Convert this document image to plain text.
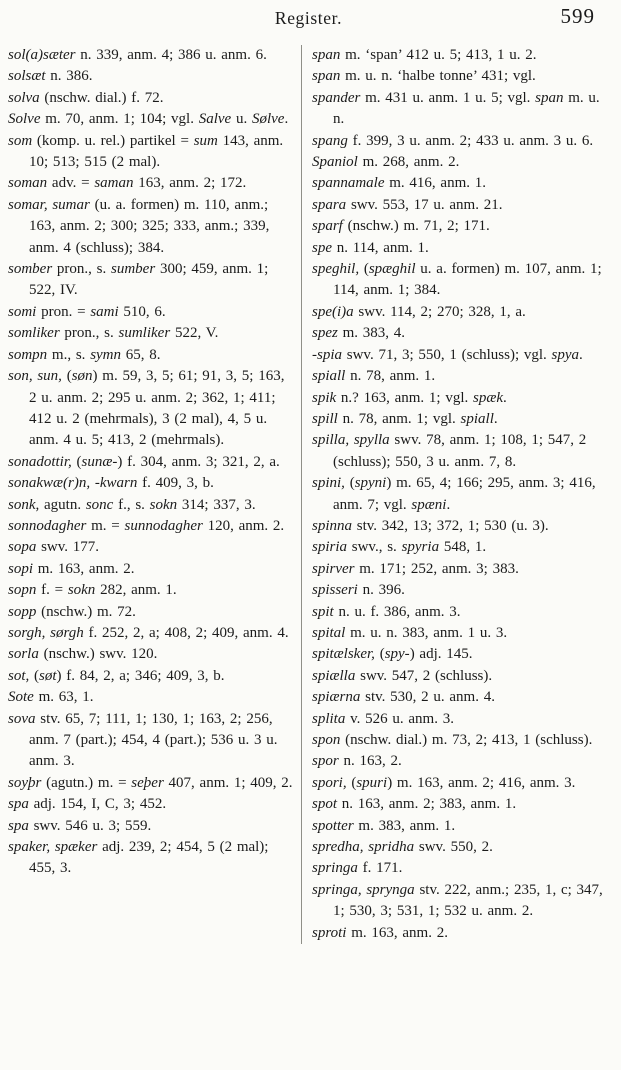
Register.	599
sol(a)sæter n. 339, anm. 4; 386 u. anm. 6.
solsæt n. 386.
solva (nschw. dial.) f. 72.
Solve m. 70, anm. 1; 104; vgl. Salve u. Sølve.
som (komp. u. rel.) partikel = sum 143, anm. 10; 513; 515 (2 mal).
soman adv. = saman 163, anm. 2; 172.
somar, sumar (u. a. formen) m. 110, anm.; 163, anm. 2; 300; 325; 333, anm.; 339, anm. 4 (schluss); 384.
somber pron., s. sumber 300; 459, anm. 1; 522, IV.
somi pron. = sami 510, 6.
somliker pron., s. sumliker 522, V.
sompn m., s. symn 65, 8.
son, sun, (søn) m. 59, 3, 5; 61; 91, 3, 5; 163, 2 u. anm. 2; 295 u. anm. 2; 362, 1; 411; 412 u. 2 (mehrmals), 3 (2 mal), 4, 5 u. anm. 4 u. 5; 413, 2 (mehrmals).
sonadottir, (sunæ-) f. 304, anm. 3; 321, 2, a.
sonakwæ(r)n, -kwarn f. 409, 3, b.
sonk, agutn. sonc f., s. sokn 314; 337, 3.
sonnodagher m. = sunnodagher 120, anm. 2.
sopa swv. 177.
sopi m. 163, anm. 2.
sopn f. = sokn 282, anm. 1.
sopp (nschw.) m. 72.
sorgh, sørgh f. 252, 2, a; 408, 2; 409, anm. 4.
sorla (nschw.) swv. 120.
sot, (søt) f. 84, 2, a; 346; 409, 3, b.
Sote m. 63, 1.
sova stv. 65, 7; 111, 1; 130, 1; 163, 2; 256, anm. 7 (part.); 454, 4 (part.); 536 u. 3 u. anm. 3.
soyþr (agutn.) m. = seþer 407, anm. 1; 409, 2.
spa adj. 154, I, C, 3; 452.
spa swv. 546 u. 3; 559.
spaker, spæker adj. 239, 2; 454, 5 (2 mal); 455, 3.
span m. ‘span’ 412 u. 5; 413, 1 u. 2.
span m. u. n. ‘halbe tonne’ 431; vgl.
spander m. 431 u. anm. 1 u. 5; vgl. span m. u. n.
spang f. 399, 3 u. anm. 2; 433 u. anm. 3 u. 6.
Spaniol m. 268, anm. 2.
spannamale m. 416, anm. 1.
spara swv. 553, 17 u. anm. 21.
sparf (nschw.) m. 71, 2; 171.
spe n. 114, anm. 1.
speghil, (spæghil u. a. formen) m. 107, anm. 1; 114, anm. 1; 384.
spe(i)a swv. 114, 2; 270; 328, 1, a.
spez m. 383, 4.
-spia swv. 71, 3; 550, 1 (schluss); vgl. spya.
spiall n. 78, anm. 1.
spik n.? 163, anm. 1; vgl. spæk.
spill n. 78, anm. 1; vgl. spiall.
spilla, spylla swv. 78, anm. 1; 108, 1; 547, 2 (schluss); 550, 3 u. anm. 7, 8.
spini, (spyni) m. 65, 4; 166; 295, anm. 3; 416, anm. 7; vgl. spæni.
spinna stv. 342, 13; 372, 1; 530 (u. 3).
spiria swv., s. spyria 548, 1.
spirver m. 171; 252, anm. 3; 383.
spisseri n. 396.
spit n. u. f. 386, anm. 3.
spital m. u. n. 383, anm. 1 u. 3.
spitælsker, (spy-) adj. 145.
spiælla swv. 547, 2 (schluss).
spiærna stv. 530, 2 u. anm. 4.
splita v. 526 u. anm. 3.
spon (nschw. dial.) m. 73, 2; 413, 1 (schluss).
spor n. 163, 2.
spori, (spuri) m. 163, anm. 2; 416, anm. 3.
spot n. 163, anm. 2; 383, anm. 1.
spotter m. 383, anm. 1.
spredha, spridha swv. 550, 2.
springa f. 171.
springa, sprynga stv. 222, anm.; 235, 1, c; 347, 1; 530, 3; 531, 1; 532 u. anm. 2.
sproti m. 163, anm. 2.
